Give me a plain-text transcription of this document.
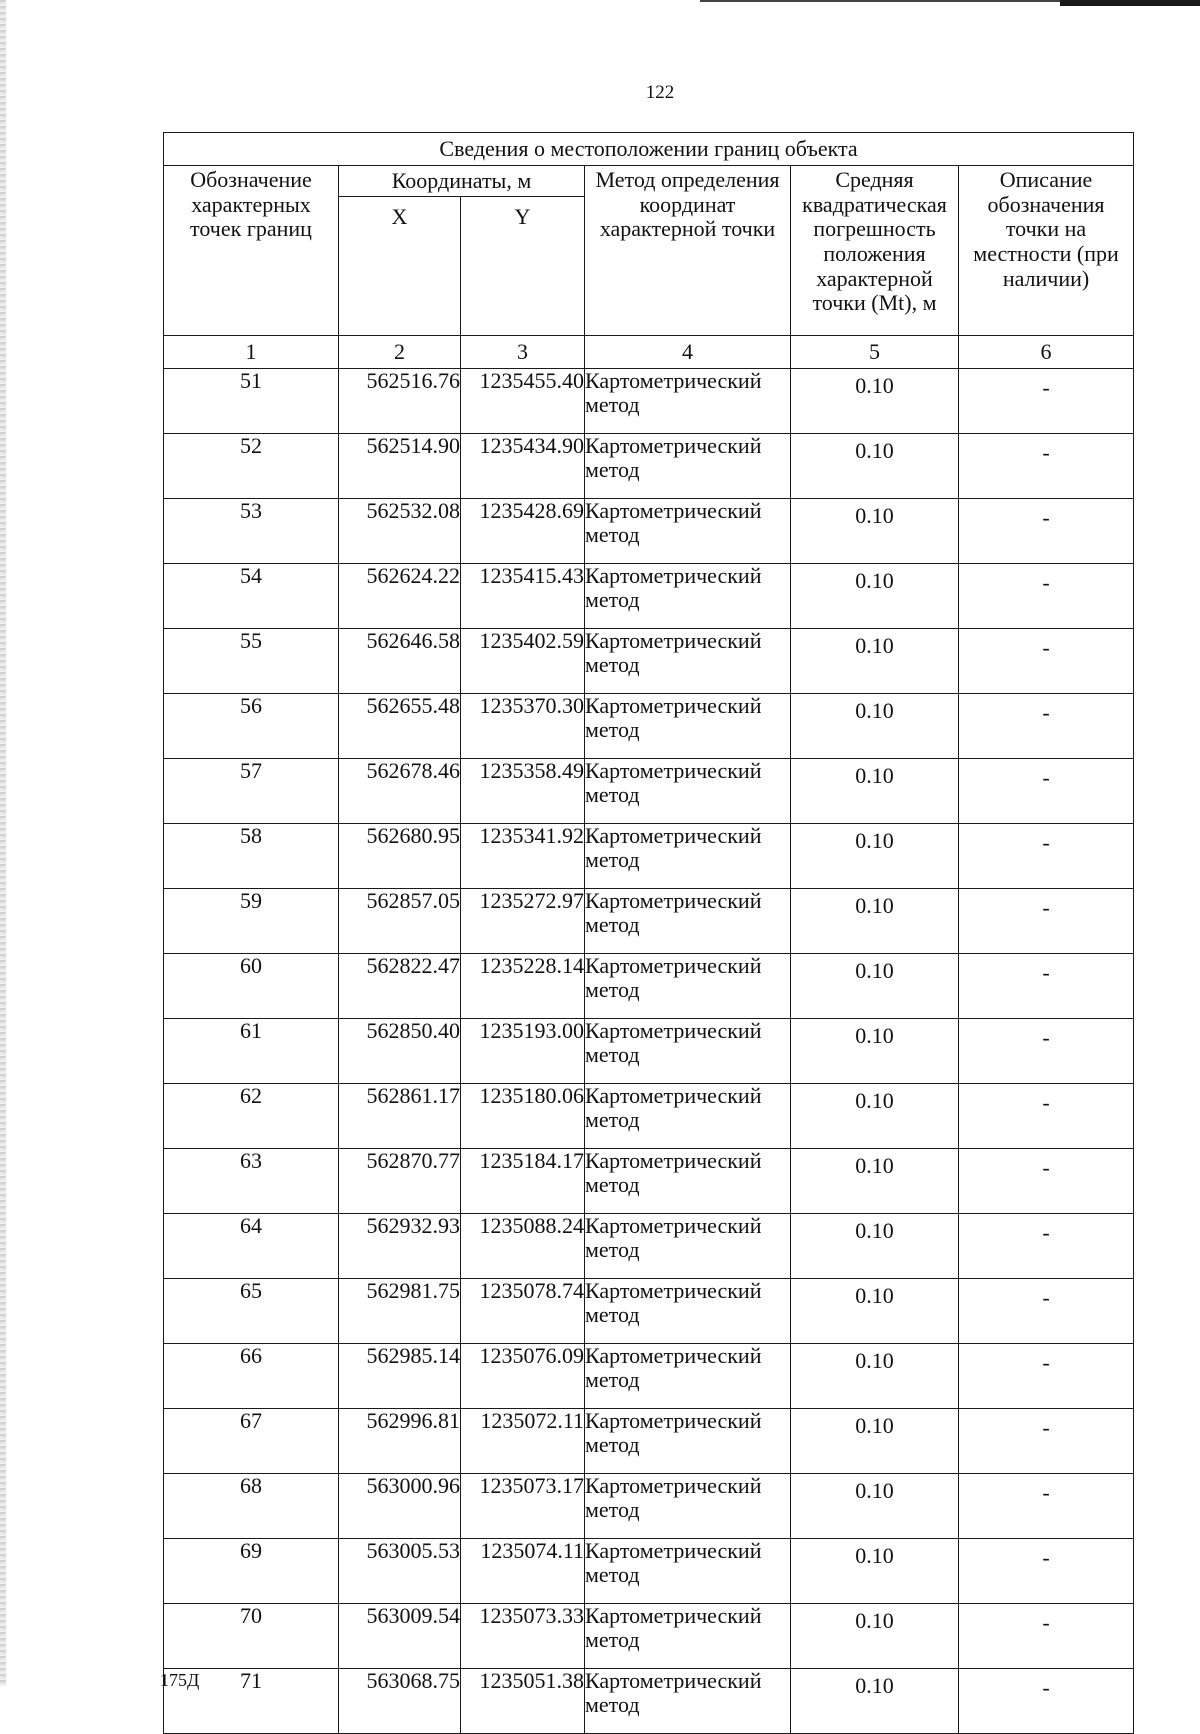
122
Сведения о местоположении границ объекта					
Обозначение характерных точек границ	Координаты, м		Метод определения координат характерной точки	Средняя квадратическая погрешность положения характерной точки (Mt), м	Описание обозначения точки на местности (при наличии)
	X	Y			
1	2	3	4	5	6
51	562516.76	1235455.40	Картометрический метод	0.10	-
52	562514.90	1235434.90	Картометрический метод	0.10	-
53	562532.08	1235428.69	Картометрический метод	0.10	-
54	562624.22	1235415.43	Картометрический метод	0.10	-
55	562646.58	1235402.59	Картометрический метод	0.10	-
56	562655.48	1235370.30	Картометрический метод	0.10	-
57	562678.46	1235358.49	Картометрический метод	0.10	-
58	562680.95	1235341.92	Картометрический метод	0.10	-
59	562857.05	1235272.97	Картометрический метод	0.10	-
60	562822.47	1235228.14	Картометрический метод	0.10	-
61	562850.40	1235193.00	Картометрический метод	0.10	-
62	562861.17	1235180.06	Картометрический метод	0.10	-
63	562870.77	1235184.17	Картометрический метод	0.10	-
64	562932.93	1235088.24	Картометрический метод	0.10	-
65	562981.75	1235078.74	Картометрический метод	0.10	-
66	562985.14	1235076.09	Картометрический метод	0.10	-
67	562996.81	1235072.11	Картометрический метод	0.10	-
68	563000.96	1235073.17	Картометрический метод	0.10	-
69	563005.53	1235074.11	Картометрический метод	0.10	-
70	563009.54	1235073.33	Картометрический метод	0.10	-
71	563068.75	1235051.38	Картометрический метод	0.10	-
175Д
